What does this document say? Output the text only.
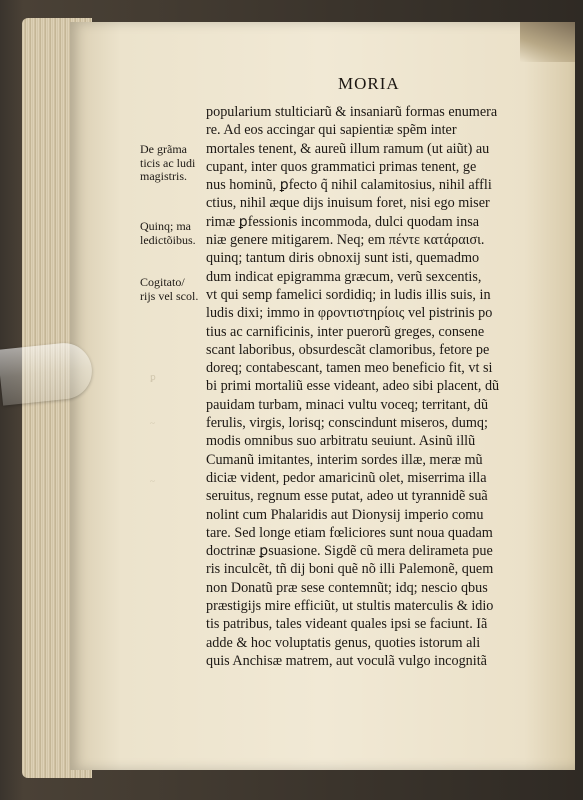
ꝑ
~
~
MORIA
De grãma
ticis ac ludi
magistris.
Quinq; ma
ledictõibus.
Cogitato/
rijs vel scol.
popularium stulticiarũ & insaniarũ formas enumera
re. Ad eos accingar qui sapientiæ spẽm inter
mortales tenent, & aureũ illum ramum (ut aiũt) au
cupant, inter quos grammatici primas tenent, ge
nus hominũ, ꝑfecto q̃ nihil calamitosius, nihil affli
ctius, nihil æque dijs inuisum foret, nisi ego miser
rimæ ꝑfessionis incommoda, dulci quodam insa
niæ genere mitigarem. Neq; em πέντε κατάραισι.
quinq; tantum diris obnoxij sunt isti, quemadmo
dum indicat epigramma græcum, verũ sexcentis,
vt qui semp famelici sordidiq; in ludis illis suis, in
ludis dixi; immo in φροντιστηρίοις vel pistrinis po
tius ac carnificinis, inter puerorũ greges, consene
scant laboribus, obsurdescãt clamoribus, fetore pe
doreq; contabescant, tamen meo beneficio fit, vt si
bi primi mortaliũ esse videant, adeo sibi placent, dũ
pauidam turbam, minaci vultu voceq; territant, dũ
ferulis, virgis, lorisq; conscindunt miseros, dumq;
modis omnibus suo arbitratu seuiunt. Asinũ illũ
Cumanũ imitantes, interim sordes illæ, meræ mũ
diciæ vident, pedor amaricinũ olet, miserrima illa
seruitus, regnum esse putat, adeo ut tyrannidẽ suã
nolint cum Phalaridis aut Dionysij imperio comu
tare. Sed longe etiam fœliciores sunt noua quadam
doctrinæ ꝑsuasione. Sigdẽ cũ mera delirameta pue
ris inculcẽt, tñ dij boni quẽ nõ illi Palemonẽ, quem
non Donatũ præ sese contemnũt; idq; nescio qbus
præstigijs mire efficiũt, ut stultis materculis & idio
tis patribus, tales videant quales ipsi se faciunt. Iã
adde & hoc voluptatis genus, quoties istorum ali
quis Anchisæ matrem, aut voculã vulgo incognitã
